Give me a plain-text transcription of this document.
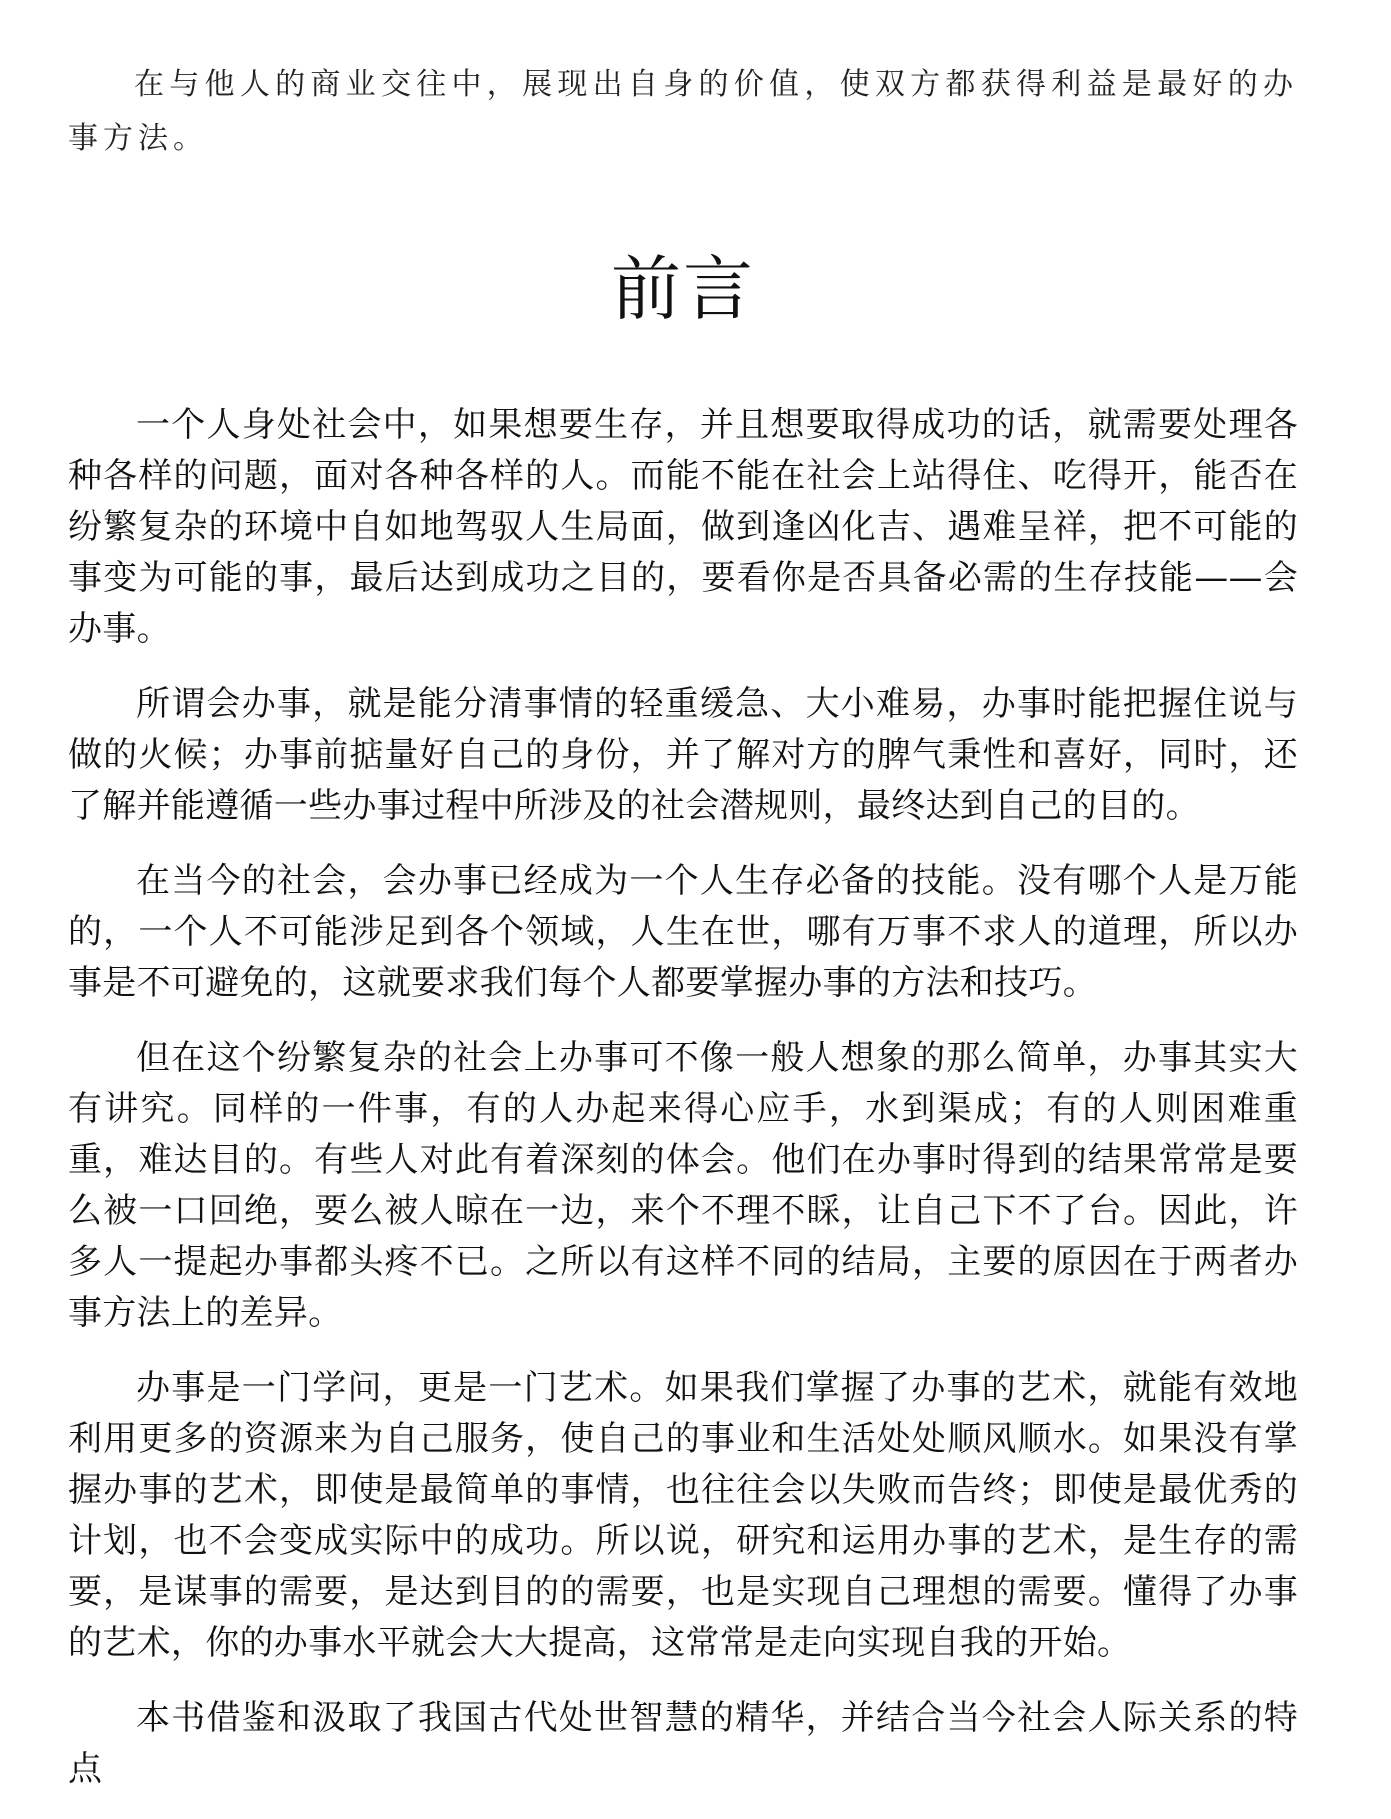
在与他人的商业交往中，展现出自身的价值，使双方都获得利益是最好的办事方法。

前言

一个人身处社会中，如果想要生存，并且想要取得成功的话，就需要处理各种各样的问题，面对各种各样的人。而能不能在社会上站得住、吃得开，能否在纷繁复杂的环境中自如地驾驭人生局面，做到逢凶化吉、遇难呈祥，把不可能的事变为可能的事，最后达到成功之目的，要看你是否具备必需的生存技能——会办事。

所谓会办事，就是能分清事情的轻重缓急、大小难易，办事时能把握住说与做的火候；办事前掂量好自己的身份，并了解对方的脾气秉性和喜好，同时，还了解并能遵循一些办事过程中所涉及的社会潜规则，最终达到自己的目的。

在当今的社会，会办事已经成为一个人生存必备的技能。没有哪个人是万能的，一个人不可能涉足到各个领域，人生在世，哪有万事不求人的道理，所以办事是不可避免的，这就要求我们每个人都要掌握办事的方法和技巧。

但在这个纷繁复杂的社会上办事可不像一般人想象的那么简单，办事其实大有讲究。同样的一件事，有的人办起来得心应手，水到渠成；有的人则困难重重，难达目的。有些人对此有着深刻的体会。他们在办事时得到的结果常常是要么被一口回绝，要么被人晾在一边，来个不理不睬，让自己下不了台。因此，许多人一提起办事都头疼不已。之所以有这样不同的结局，主要的原因在于两者办事方法上的差异。

办事是一门学问，更是一门艺术。如果我们掌握了办事的艺术，就能有效地利用更多的资源来为自己服务，使自己的事业和生活处处顺风顺水。如果没有掌握办事的艺术，即使是最简单的事情，也往往会以失败而告终；即使是最优秀的计划，也不会变成实际中的成功。所以说，研究和运用办事的艺术，是生存的需要，是谋事的需要，是达到目的的需要，也是实现自己理想的需要。懂得了办事的艺术，你的办事水平就会大大提高，这常常是走向实现自我的开始。

本书借鉴和汲取了我国古代处世智慧的精华，并结合当今社会人际关系的特点
